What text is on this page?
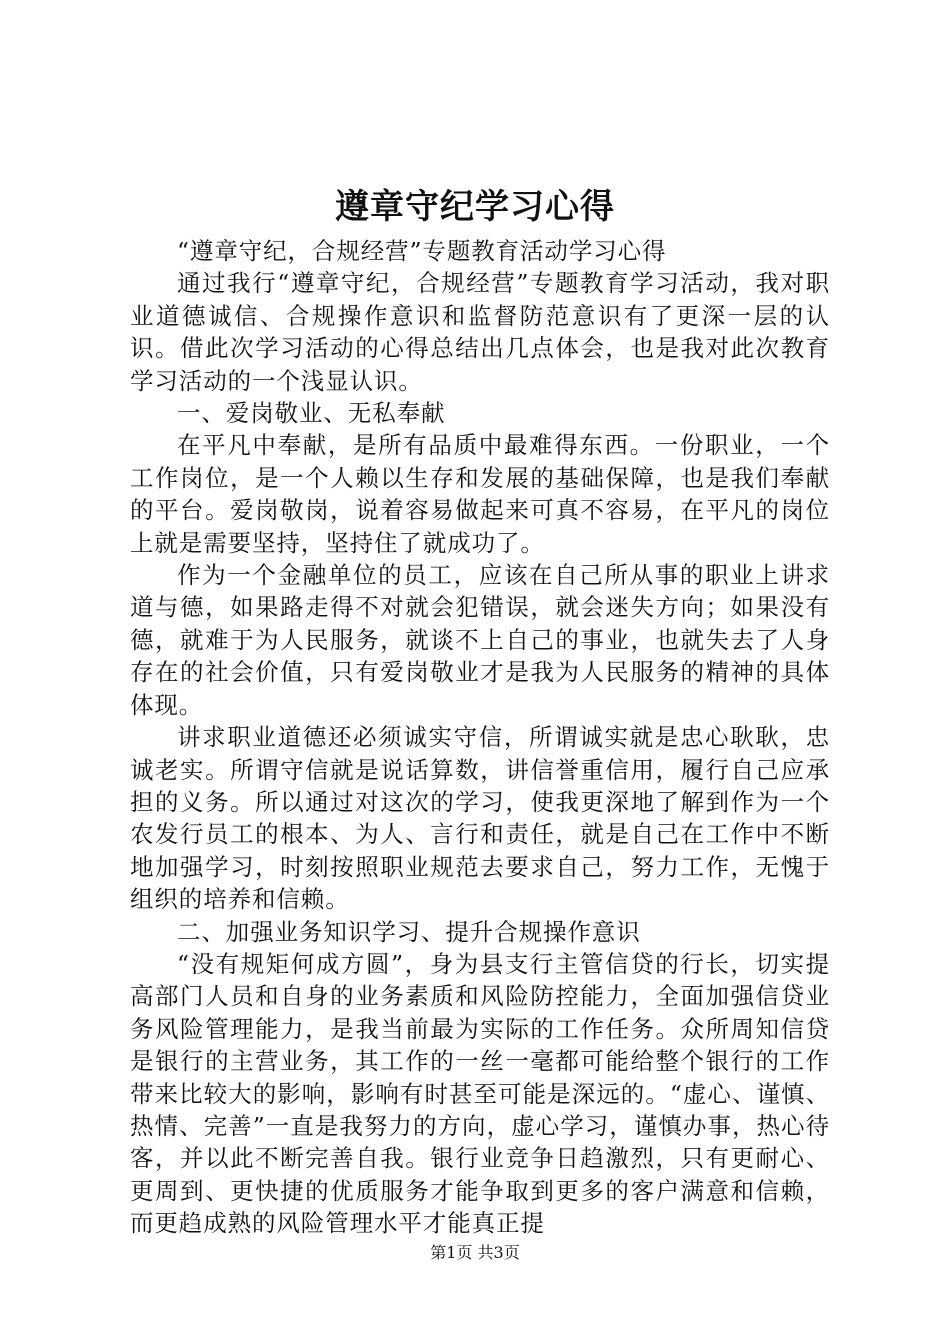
遵章守纪学习心得

“遵章守纪，合规经营”专题教育活动学习心得

通过我行“遵章守纪，合规经营”专题教育学习活动，我对职业道德诚信、合规操作意识和监督防范意识有了更深一层的认识。借此次学习活动的心得总结出几点体会，也是我对此次教育学习活动的一个浅显认识。

一、爱岗敬业、无私奉献

在平凡中奉献，是所有品质中最难得东西。一份职业，一个工作岗位，是一个人赖以生存和发展的基础保障，也是我们奉献的平台。爱岗敬岗，说着容易做起来可真不容易，在平凡的岗位上就是需要坚持，坚持住了就成功了。

作为一个金融单位的员工，应该在自己所从事的职业上讲求道与德，如果路走得不对就会犯错误，就会迷失方向；如果没有德，就难于为人民服务，就谈不上自己的事业，也就失去了人身存在的社会价值，只有爱岗敬业才是我为人民服务的精神的具体体现。

讲求职业道德还必须诚实守信，所谓诚实就是忠心耿耿，忠诚老实。所谓守信就是说话算数，讲信誉重信用，履行自己应承担的义务。所以通过对这次的学习，使我更深地了解到作为一个农发行员工的根本、为人、言行和责任，就是自己在工作中不断地加强学习，时刻按照职业规范去要求自己，努力工作，无愧于组织的培养和信赖。

二、加强业务知识学习、提升合规操作意识

“没有规矩何成方圆”，身为县支行主管信贷的行长，切实提高部门人员和自身的业务素质和风险防控能力，全面加强信贷业务风险管理能力，是我当前最为实际的工作任务。众所周知信贷是银行的主营业务，其工作的一丝一毫都可能给整个银行的工作带来比较大的影响，影响有时甚至可能是深远的。“虚心、谨慎、热情、完善”一直是我努力的方向，虚心学习，谨慎办事，热心待客，并以此不断完善自我。银行业竞争日趋激烈，只有更耐心、更周到、更快捷的优质服务才能争取到更多的客户满意和信赖，而更趋成熟的风险管理水平才能真正提

第1页 共3页
